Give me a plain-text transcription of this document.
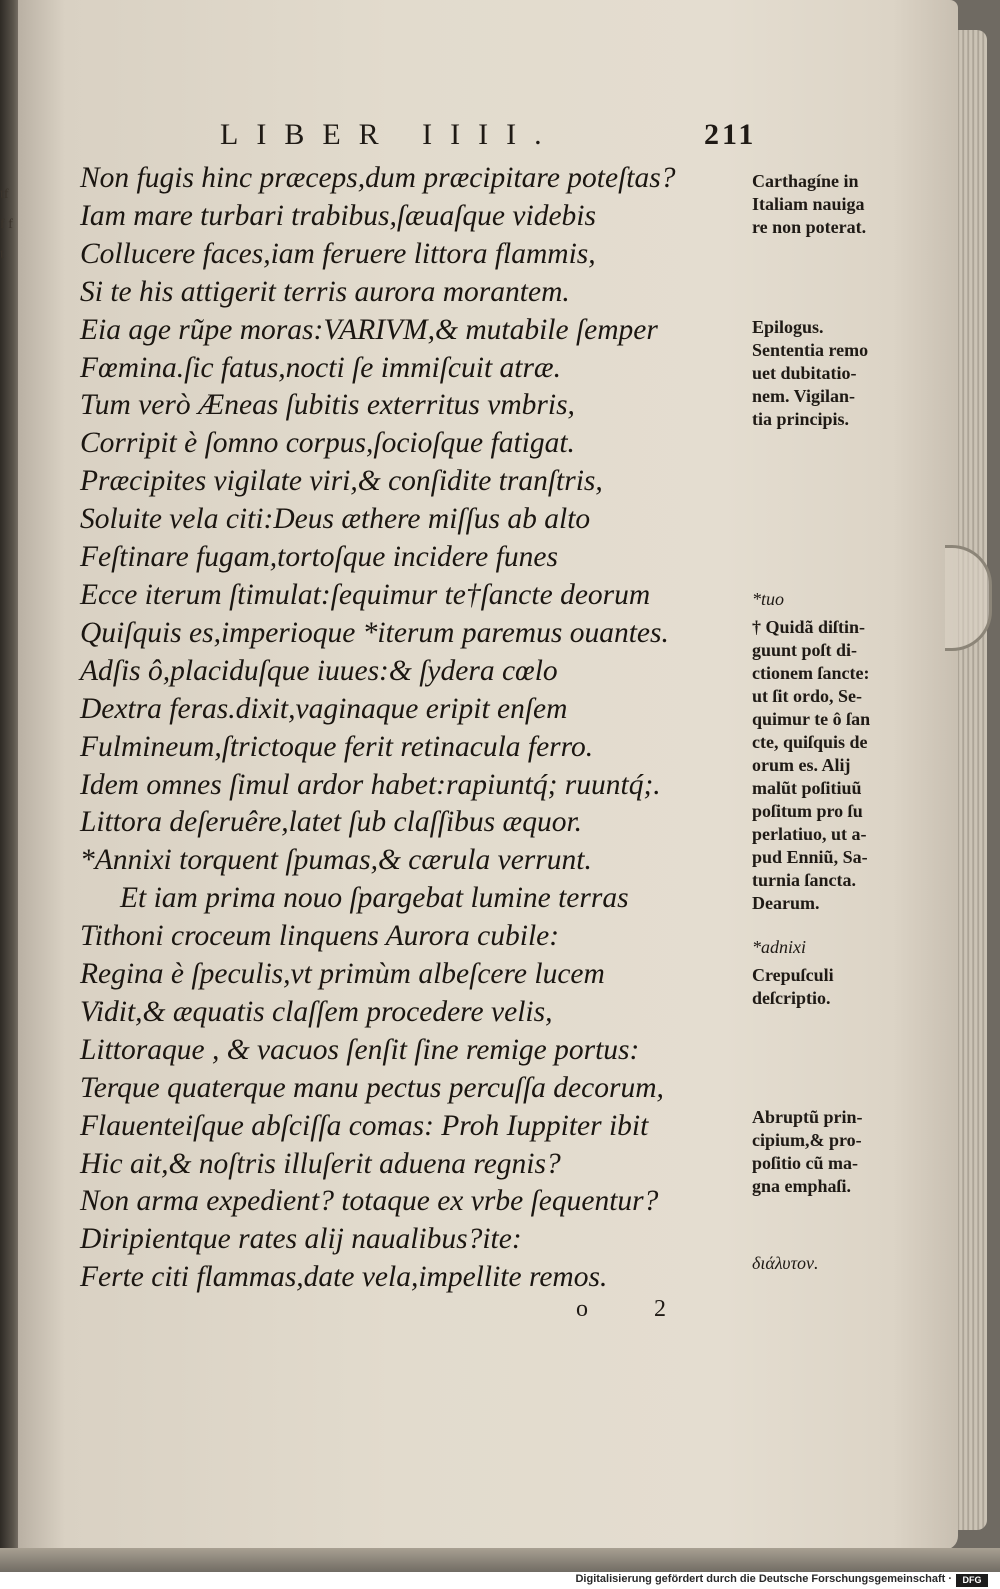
tf f f t
LIBER IIII.	211
Non fugis hinc præceps,dum præcipitare poteſtas?
Iam mare turbari trabibus,ſæuaſque videbis
Collucere faces,iam feruere littora flammis,
Si te his attigerit terris aurora morantem.
Eia age rũpe moras:VARIVM,& mutabile ſemper
Fœmina.ſic fatus,nocti ſe immiſcuit atræ.
Tum verò Æneas ſubitis exterritus vmbris,
Corripit è ſomno corpus,ſocioſque fatigat.
Præcipites vigilate viri,& conſidite tranſtris,
Soluite vela citi:Deus æthere miſſus ab alto
Feſtinare fugam,tortoſque incidere funes
Ecce iterum ſtimulat:ſequimur te†ſancte deorum
Quiſquis es,imperioque *iterum paremus ouantes.
Adſis ô,placiduſque iuues:& ſydera cœlo
Dextra feras.dixit,vaginaque eripit enſem
Fulmineum,ſtrictoque ferit retinacula ferro.
Idem omnes ſimul ardor habet:rapiuntq́; ruuntq́;.
Littora deſeruêre,latet ſub claſſibus æquor.
*Annixi torquent ſpumas,& cærula verrunt.
Et iam prima nouo ſpargebat lumine terras
Tithoni croceum linquens Aurora cubile:
Regina è ſpeculis,vt primùm albeſcere lucem
Vidit,& æquatis claſſem procedere velis,
Littoraque , & vacuos ſenſit ſine remige portus:
Terque quaterque manu pectus percuſſa decorum,
Flauenteiſque abſciſſa comas: Proh Iuppiter ibit
Hic ait,& noſtris illuſerit aduena regnis?
Non arma expedient? totaque ex vrbe ſequentur?
Diripientque rates alij naualibus?ite:
Ferte citi flammas,date vela,impellite remos.
Carthagíne in
Italiam nauiga
re non poterat.
Epilogus.
Sententia remo
uet dubitatio-
nem. Vigilan-
tia principis.
*tuo
† Quidã diſtin-
guunt poſt di-
ctionem ſancte:
ut ſit ordo, Se-
quimur te ô ſan
cte, quiſquis de
orum es. Alij
malũt poſitiuũ
poſitum pro ſu
perlatiuo, ut a-
pud Enniũ, Sa-
turnia ſancta.
Dearum.
*adnixi
Crepuſculi
deſcriptio.
Abruptũ prin-
cipium,& pro-
poſitio cũ ma-
gna emphaſi.
διάλυτον.
o 2
Digitalisierung gefördert durch die Deutsche Forschungsgemeinschaft ·	DFG
